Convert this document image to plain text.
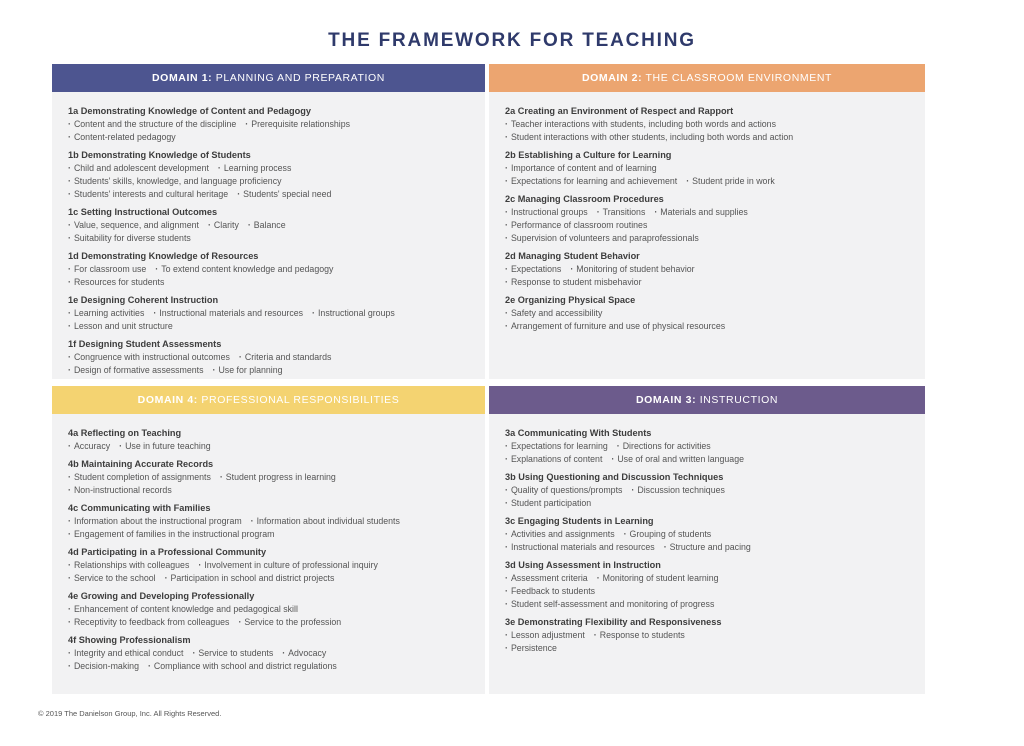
THE FRAMEWORK FOR TEACHING
DOMAIN 1: PLANNING AND PREPARATION
1a Demonstrating Knowledge of Content and Pedagogy
· Content and the structure of the discipline · Prerequisite relationships
· Content-related pedagogy
1b Demonstrating Knowledge of Students
· Child and adolescent development · Learning process
· Students' skills, knowledge, and language proficiency
· Students' interests and cultural heritage · Students' special need
1c Setting Instructional Outcomes
· Value, sequence, and alignment · Clarity · Balance
· Suitability for diverse students
1d Demonstrating Knowledge of Resources
· For classroom use · To extend content knowledge and pedagogy
· Resources for students
1e Designing Coherent Instruction
· Learning activities · Instructional materials and resources · Instructional groups
· Lesson and unit structure
1f Designing Student Assessments
· Congruence with instructional outcomes · Criteria and standards
· Design of formative assessments · Use for planning
DOMAIN 2: THE CLASSROOM ENVIRONMENT
2a Creating an Environment of Respect and Rapport
· Teacher interactions with students, including both words and actions
· Student interactions with other students, including both words and action
2b Establishing a Culture for Learning
· Importance of content and of learning
· Expectations for learning and achievement · Student pride in work
2c Managing Classroom Procedures
· Instructional groups · Transitions · Materials and supplies
· Performance of classroom routines
· Supervision of volunteers and paraprofessionals
2d Managing Student Behavior
· Expectations · Monitoring of student behavior
· Response to student misbehavior
2e Organizing Physical Space
· Safety and accessibility
· Arrangement of furniture and use of physical resources
DOMAIN 4: PROFESSIONAL RESPONSIBILITIES
4a Reflecting on Teaching
· Accuracy · Use in future teaching
4b Maintaining Accurate Records
· Student completion of assignments · Student progress in learning
· Non-instructional records
4c Communicating with Families
· Information about the instructional program · Information about individual students
· Engagement of families in the instructional program
4d Participating in a Professional Community
· Relationships with colleagues · Involvement in culture of professional inquiry
· Service to the school · Participation in school and district projects
4e Growing and Developing Professionally
· Enhancement of content knowledge and pedagogical skill
· Receptivity to feedback from colleagues · Service to the profession
4f Showing Professionalism
· Integrity and ethical conduct · Service to students · Advocacy
· Decision-making · Compliance with school and district regulations
DOMAIN 3: INSTRUCTION
3a Communicating With Students
· Expectations for learning · Directions for activities
· Explanations of content · Use of oral and written language
3b Using Questioning and Discussion Techniques
· Quality of questions/prompts · Discussion techniques
· Student participation
3c Engaging Students in Learning
· Activities and assignments · Grouping of students
· Instructional materials and resources · Structure and pacing
3d Using Assessment in Instruction
· Assessment criteria · Monitoring of student learning
· Feedback to students
· Student self-assessment and monitoring of progress
3e Demonstrating Flexibility and Responsiveness
· Lesson adjustment · Response to students
· Persistence
© 2019 The Danielson Group, Inc. All Rights Reserved.
